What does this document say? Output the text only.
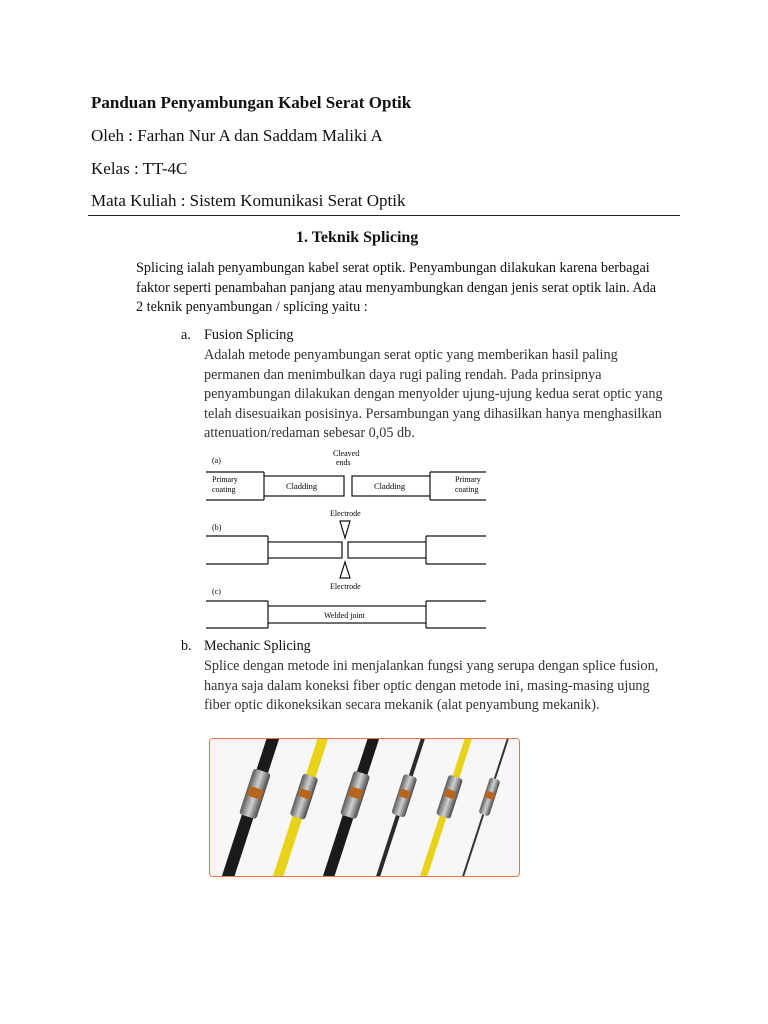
Panduan Penyambungan Kabel Serat Optik
Oleh : Farhan Nur A dan Saddam Maliki A
Kelas : TT-4C
Mata Kuliah : Sistem Komunikasi Serat Optik
1. Teknik Splicing
Splicing ialah penyambungan kabel serat optik. Penyambungan dilakukan karena berbagai faktor seperti penambahan panjang atau menyambungkan dengan jenis serat optik lain. Ada 2 teknik penyambungan / splicing yaitu :
a. Fusion Splicing
Adalah metode penyambungan serat optic yang memberikan hasil paling permanen dan menimbulkan daya rugi paling rendah. Pada prinsipnya penyambungan dilakukan dengan menyolder ujung-ujung kedua serat optic yang telah disesuaikan posisinya. Persambungan yang dihasilkan hanya menghasilkan attenuation/redaman sebesar 0,05 db.
(a)
Cleaved
ends
Primary
coating	Cladding	Cladding
Primary
coating
(b)
Electrode
Electrode
(c)
Welded joint
b. Mechanic Splicing
Splice dengan metode ini menjalankan fungsi yang serupa dengan splice fusion, hanya saja dalam koneksi fiber optic dengan metode ini, masing-masing ujung fiber optic dikoneksikan secara mekanik (alat penyambung mekanik).
